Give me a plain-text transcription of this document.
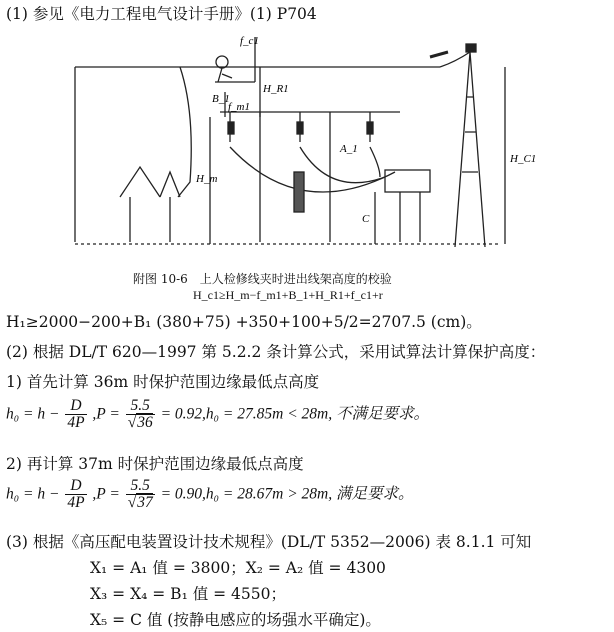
(1) 参见《电力工程电气设计手册》(1) P704
f_c1
B_1
H_R1
f_m1
H_m
A_1
C
H_C1
附图 10-6　上人检修线夹时进出线架高度的校验
H_c1≥H_m−f_m1+B_1+H_R1+f_c1+r
H₁≥2000−200+B₁ (380+75) +350+100+5/2=2707.5 (cm)。
(2) 根据 DL/T 620—1997 第 5.2.2 条计算公式，采用试算法计算保护高度：
1) 首先计算 36m 时保护范围边缘最低点高度
$h_0 = h - \frac{D}{4P} ,P = \frac{5.5}{√36} = 0.92,h_0 = 27.85m < 28m$, 不满足要求。
2) 再计算 37m 时保护范围边缘最低点高度
$h_0 = h - \frac{D}{4P} ,P = \frac{5.5}{√37} = 0.90,h_0 = 28.67m > 28m$, 满足要求。
(3) 根据《高压配电装置设计技术规程》(DL/T 5352—2006) 表 8.1.1 可知
X₁ = A₁ 值 = 3800；X₂ = A₂ 值 = 4300
X₃ = X₄ = B₁ 值 = 4550；
X₅ = C 值 (按静电感应的场强水平确定)。
